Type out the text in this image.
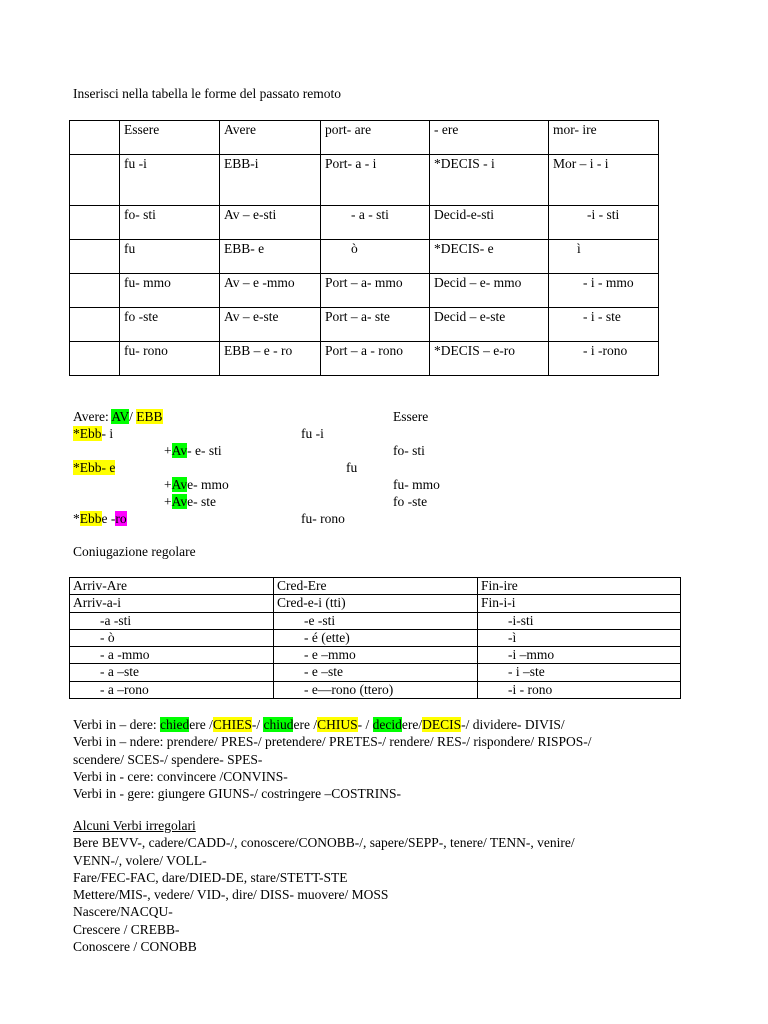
Inserisci nella tabella le forme del passato remoto
	Essere	Avere	port- are	- ere	mor- ire
	fu -i	EBB-i	Port- a - i	*DECIS - i	Mor – i - i
	fo- sti	Av – e-sti	- a - sti	Decid-e-sti	-i - sti
	fu	EBB- e	ò	*DECIS- e	ì
	fu- mmo	Av – e -mmo	Port – a- mmo	Decid – e- mmo	- i - mmo
	fo -ste	Av – e-ste	Port – a- ste	Decid – e-ste	- i - ste
	fu- rono	EBB – e - ro	Port – a - rono	*DECIS – e-ro	- i -rono
Avere: AV/ EBB	Essere
*Ebb- i	fu -i
+Av- e- sti	fo- sti
*Ebb- e	fu
+Ave- mmo	fu- mmo
+Ave- ste	fo -ste
*Ebbe -ro	fu- rono
Coniugazione regolare
Arriv-Are	Cred-Ere	Fin-ire
Arriv-a-i	Cred-e-i (tti)	Fin-i-i
-a -sti	-e -sti	-i-sti
- ò	- é (ette)	-ì
- a -mmo	- e –mmo	-i –mmo
- a –ste	- e –ste	- i –ste
- a –rono	- e—rono (ttero)	-i - rono
Verbi in – dere: chiedere /CHIES-/ chiudere /CHIUS- / decidere/DECIS-/ dividere- DIVIS/
Verbi in – ndere: prendere/ PRES-/ pretendere/ PRETES-/ rendere/ RES-/ rispondere/ RISPOS-/
scendere/ SCES-/ spendere- SPES-
Verbi in - cere: convincere /CONVINS-
Verbi in - gere: giungere GIUNS-/ costringere –COSTRINS-
Alcuni Verbi irregolari
Bere BEVV-, cadere/CADD-/, conoscere/CONOBB-/, sapere/SEPP-, tenere/ TENN-, venire/
VENN-/, volere/ VOLL-
Fare/FEC-FAC, dare/DIED-DE, stare/STETT-STE
Mettere/MIS-, vedere/ VID-, dire/ DISS- muovere/ MOSS
Nascere/NACQU-
Crescere / CREBB-
Conoscere / CONOBB
